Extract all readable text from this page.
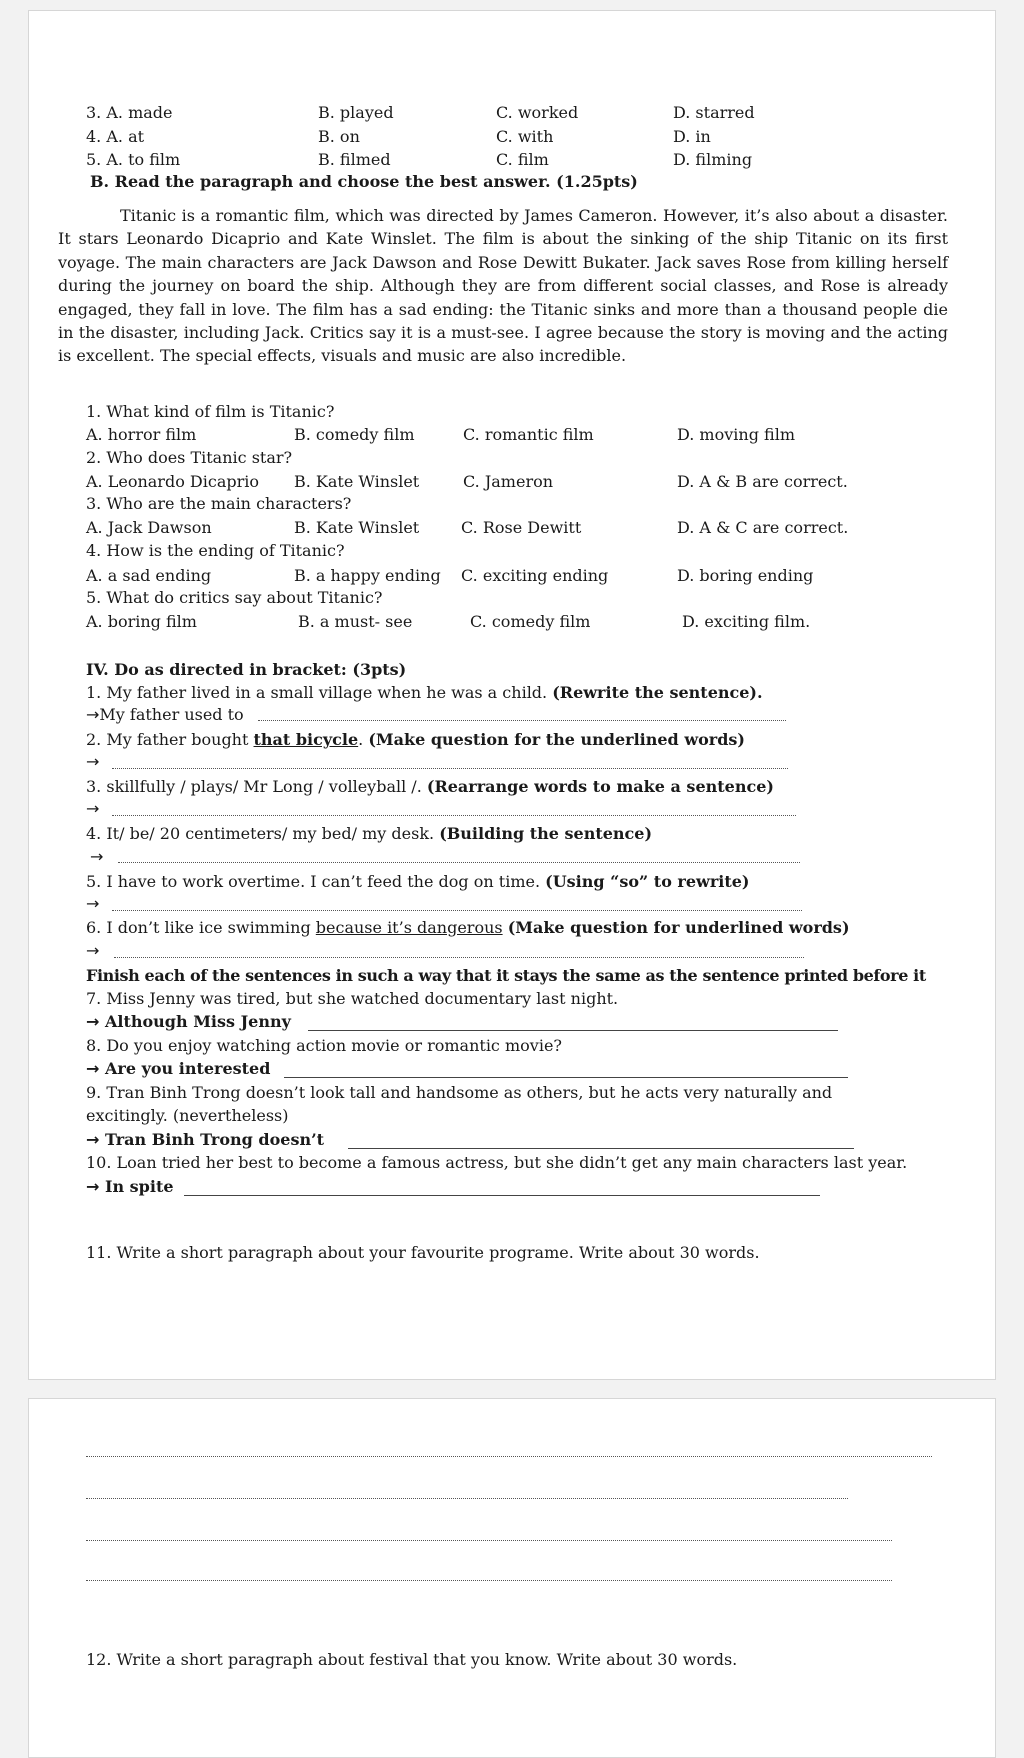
3. A. made	B. played	C. worked	D. starred
4. A. at	B. on	C. with	D. in
5. A. to film	B. filmed	C. film	D. filming
B. Read the paragraph and choose the best answer. (1.25pts)

Titanic is a romantic film, which was directed by James Cameron. However, it’s also about a disaster. It stars Leonardo Dicaprio and Kate Winslet. The film is about the sinking of the ship Titanic on its first voyage. The main characters are Jack Dawson and Rose Dewitt Bukater. Jack saves Rose from killing herself during the journey on board the ship. Although they are from different social classes, and Rose is already engaged, they fall in love. The film has a sad ending: the Titanic sinks and more than a thousand people die in the disaster, including Jack. Critics say it is a must-see. I agree because the story is moving and the acting is excellent. The special effects, visuals and music are also incredible.

1. What kind of film is Titanic?
A. horror film	B. comedy film	C. romantic film	D. moving film
2. Who does Titanic star?
A. Leonardo Dicaprio B. Kate Winslet	C. Jameron	D. A & B are correct.
3. Who are the main characters?
A. Jack Dawson	B. Kate Winslet	C. Rose Dewitt	D. A & C are correct.
4. How is the ending of Titanic?
A. a sad ending	B. a happy ending C. exciting ending	D. boring ending
5. What do critics say about Titanic?
A. boring film	B. a must- see	C. comedy film	D. exciting film.
IV. Do as directed in bracket: (3pts)
1. My father lived in a small village when he was a child. (Rewrite the sentence).
→My father used to
2. My father bought that bicycle. (Make question for the underlined words)
→
3. skillfully / plays/ Mr Long / volleyball /. (Rearrange words to make a sentence)
→
4. It/ be/ 20 centimeters/ my bed/ my desk. (Building the sentence)
→
5. I have to work overtime. I can’t feed the dog on time. (Using “so” to rewrite)
→
6. I don’t like ice swimming because it’s dangerous (Make question for underlined words)
→
Finish each of the sentences in such a way that it stays the same as the sentence printed before it
7. Miss Jenny was tired, but she watched documentary last night.
→ Although Miss Jenny
8. Do you enjoy watching action movie or romantic movie?
→ Are you interested
9. Tran Binh Trong doesn’t look tall and handsome as others, but he acts very naturally and
excitingly. (nevertheless)
→ Tran Binh Trong doesn’t
10. Loan tried her best to become a famous actress, but she didn’t get any main characters last year.
→ In spite
11. Write a short paragraph about your favourite programe. Write about 30 words.
12. Write a short paragraph about festival that you know. Write about 30 words.
